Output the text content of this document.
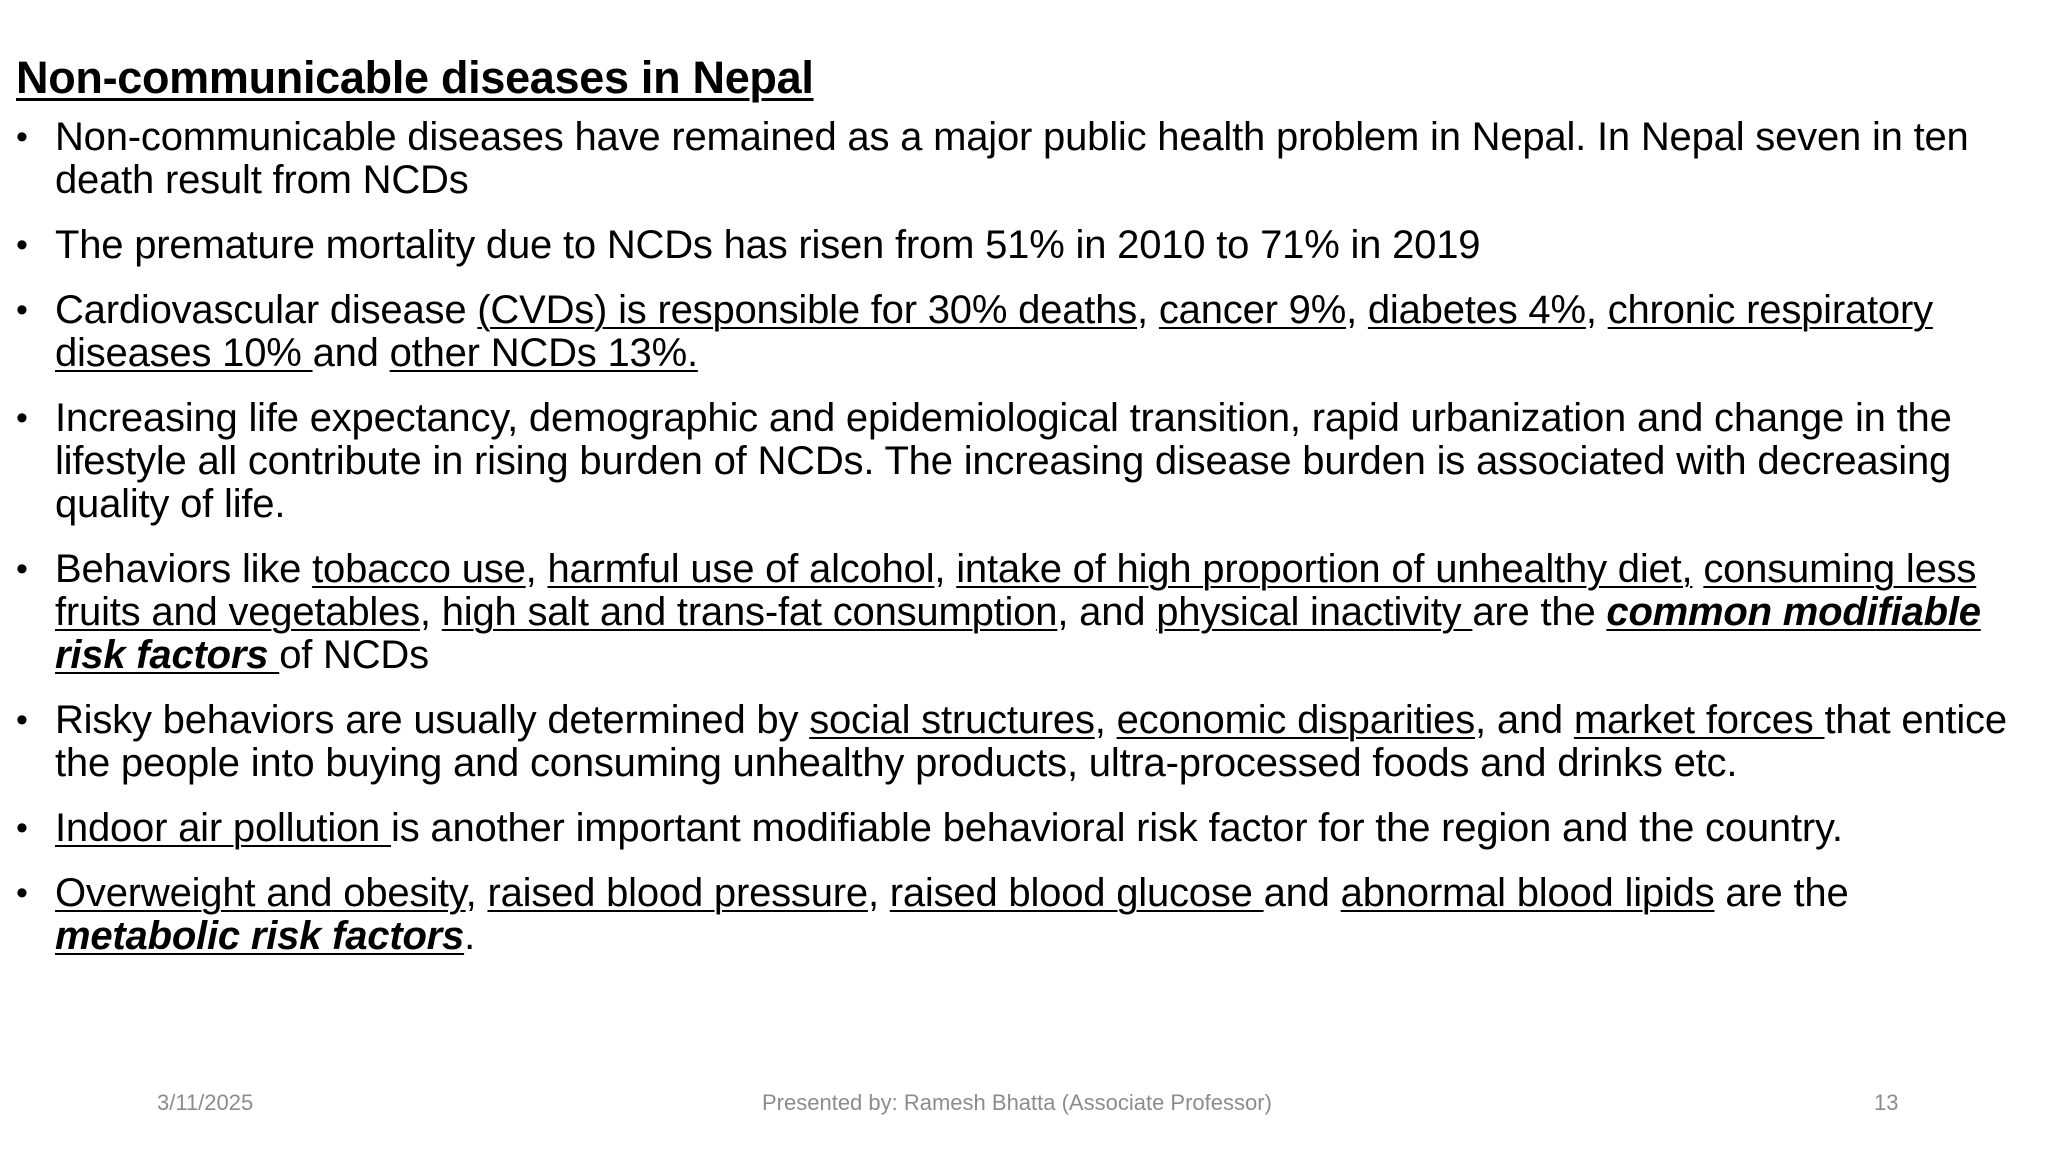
Non-communicable diseases in Nepal
• Non-communicable diseases have remained as a major public health problem in Nepal. In Nepal seven in ten death result from NCDs
• The premature mortality due to NCDs has risen from 51% in 2010 to 71% in 2019
• Cardiovascular disease (CVDs) is responsible for 30% deaths, cancer 9%, diabetes 4%, chronic respiratory diseases 10% and other NCDs 13%.
• Increasing life expectancy, demographic and epidemiological transition, rapid urbanization and change in the lifestyle all contribute in rising burden of NCDs. The increasing disease burden is associated with decreasing quality of life.
• Behaviors like tobacco use, harmful use of alcohol, intake of high proportion of unhealthy diet, consuming less fruits and vegetables, high salt and trans-fat consumption, and physical inactivity are the common modifiable risk factors of NCDs
• Risky behaviors are usually determined by social structures, economic disparities, and market forces that entice the people into buying and consuming unhealthy products, ultra-processed foods and drinks etc.
• Indoor air pollution is another important modifiable behavioral risk factor for the region and the country.
• Overweight and obesity, raised blood pressure, raised blood glucose and abnormal blood lipids are the metabolic risk factors.
3/11/2025	Presented by: Ramesh Bhatta (Associate Professor)	13
